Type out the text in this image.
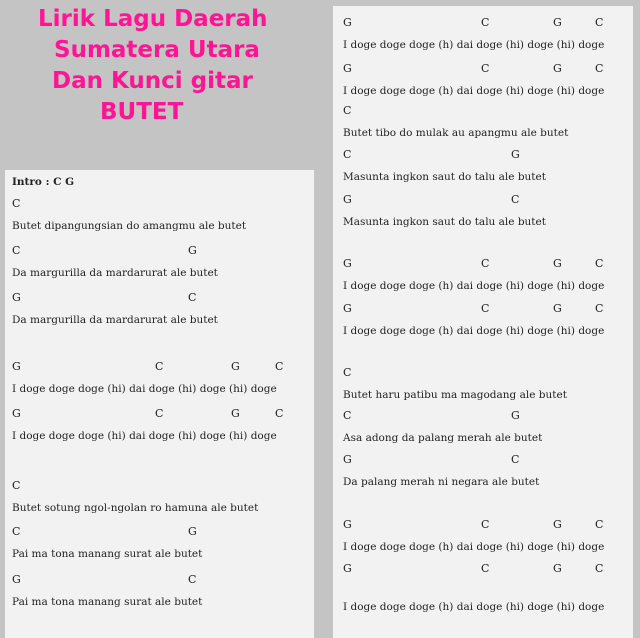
Lirik Lagu Daerah
Sumatera Utara
Dan Kunci gitar
BUTET
Intro : C G
C
Butet dipangungsian do amangmu ale butet
C	G
Da margurilla da mardarurat ale butet
G	C
Da margurilla da mardarurat ale butet
G	C	G	C
I doge doge doge (hi) dai doge (hi) doge (hi) doge
G	C	G	C
I doge doge doge (hi) dai doge (hi) doge (hi) doge
C
Butet sotung ngol-ngolan ro hamuna ale butet
C	G
Pai ma tona manang surat ale butet
G	C
Pai ma tona manang surat ale butet
G	C	G	C
I doge doge doge (h) dai doge (hi) doge (hi) doge
G	C	G	C
I doge doge doge (h) dai doge (hi) doge (hi) doge
C
Butet tibo do mulak au apangmu ale butet
C	G
Masunta ingkon saut do talu ale butet
G	C
Masunta ingkon saut do talu ale butet
G	C	G	C
I doge doge doge (h) dai doge (hi) doge (hi) doge
G	C	G	C
I doge doge doge (h) dai doge (hi) doge (hi) doge
C
Butet haru patibu ma magodang ale butet
C	G
Asa adong da palang merah ale butet
G	C
Da palang merah ni negara ale butet
G	C	G	C
I doge doge doge (h) dai doge (hi) doge (hi) doge
G	C	G	C
I doge doge doge (h) dai doge (hi) doge (hi) doge
